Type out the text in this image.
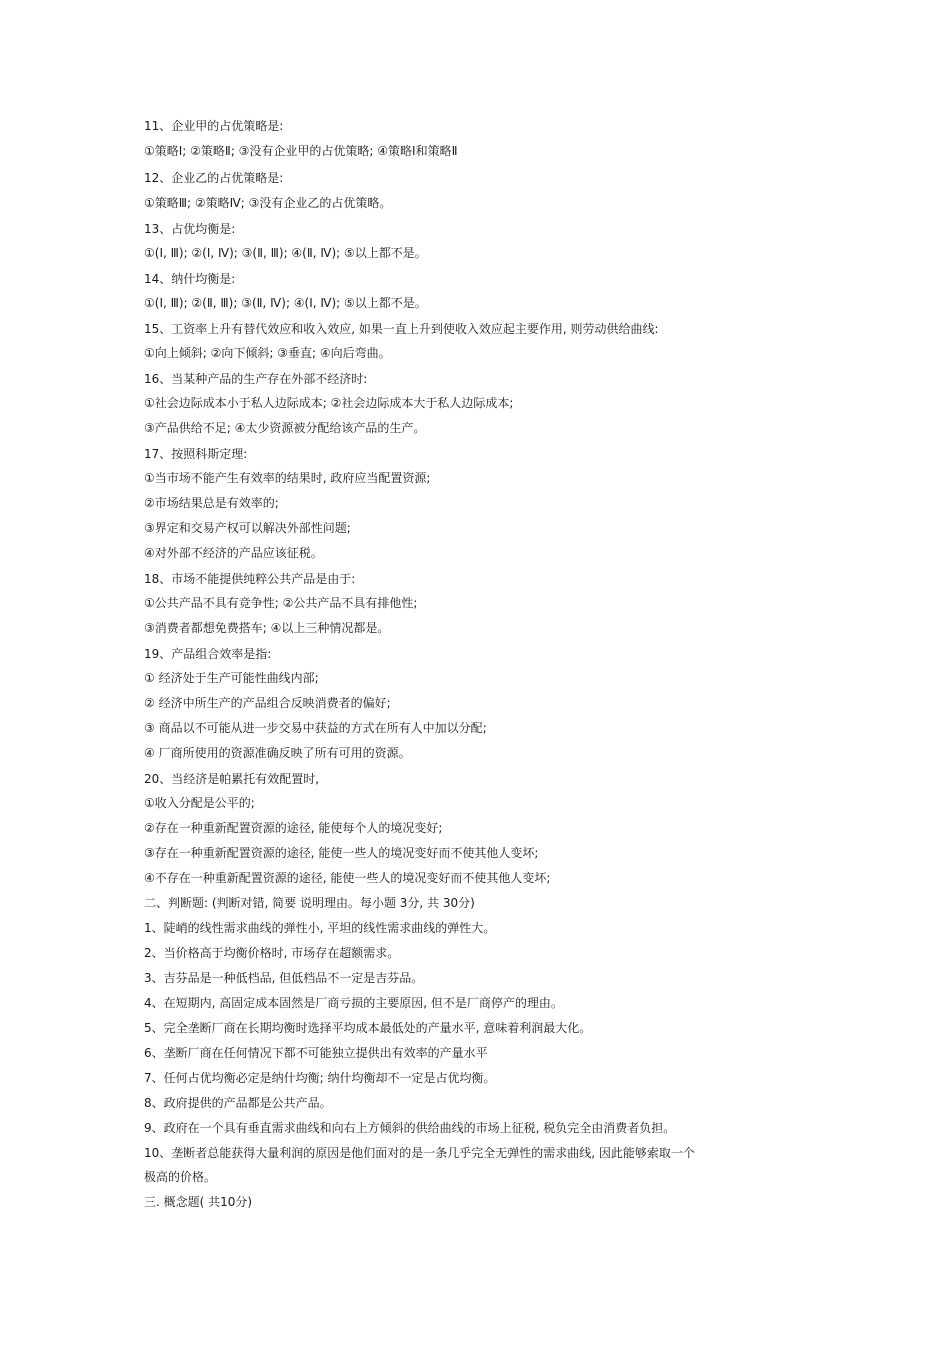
11、企业甲的占优策略是:

①策略Ⅰ; ②策略Ⅱ; ③没有企业甲的占优策略; ④策略Ⅰ和策略Ⅱ

12、企业乙的占优策略是:

①策略Ⅲ; ②策略Ⅳ; ③没有企业乙的占优策略。

13、占优均衡是:

①(Ⅰ, Ⅲ); ②(Ⅰ, Ⅳ); ③(Ⅱ, Ⅲ); ④(Ⅱ, Ⅳ); ⑤以上都不是。

14、纳什均衡是:

①(Ⅰ, Ⅲ); ②(Ⅱ, Ⅲ); ③(Ⅱ, Ⅳ); ④(Ⅰ, Ⅳ); ⑤以上都不是。

15、工资率上升有替代效应和收入效应, 如果一直上升到使收入效应起主要作用, 则劳动供给曲线:

①向上倾斜; ②向下倾斜; ③垂直; ④向后弯曲。

16、当某种产品的生产存在外部不经济时:

①社会边际成本小于私人边际成本; ②社会边际成本大于私人边际成本;

③产品供给不足; ④太少资源被分配给该产品的生产。

17、按照科斯定理:

①当市场不能产生有效率的结果时, 政府应当配置资源;

②市场结果总是有效率的;

③界定和交易产权可以解决外部性问题;

④对外部不经济的产品应该征税。

18、市场不能提供纯粹公共产品是由于:

①公共产品不具有竞争性; ②公共产品不具有排他性;

③消费者都想免费搭车; ④以上三种情况都是。

19、产品组合效率是指:

① 经济处于生产可能性曲线内部;

② 经济中所生产的产品组合反映消费者的偏好;

③ 商品以不可能从进一步交易中获益的方式在所有人中加以分配;

④ 厂商所使用的资源准确反映了所有可用的资源。

20、当经济是帕累托有效配置时,

①收入分配是公平的;

②存在一种重新配置资源的途径, 能使每个人的境况变好;

③存在一种重新配置资源的途径, 能使一些人的境况变好而不使其他人变坏;

④不存在一种重新配置资源的途径, 能使一些人的境况变好而不使其他人变坏;

二、判断题: (判断对错, 简要 说明理由。每小题 3分, 共 30分)

1、陡峭的线性需求曲线的弹性小, 平坦的线性需求曲线的弹性大。

2、当价格高于均衡价格时, 市场存在超额需求。

3、吉芬品是一种低档品, 但低档品不一定是吉芬品。

4、在短期内, 高固定成本固然是厂商亏损的主要原因, 但不是厂商停产的理由。

5、完全垄断厂商在长期均衡时选择平均成本最低处的产量水平, 意味着利润最大化。

6、垄断厂商在任何情况下都不可能独立提供出有效率的产量水平

7、任何占优均衡必定是纳什均衡; 纳什均衡却不一定是占优均衡。

8、政府提供的产品都是公共产品。

9、政府在一个具有垂直需求曲线和向右上方倾斜的供给曲线的市场上征税, 税负完全由消费者负担。

10、垄断者总能获得大量利润的原因是他们面对的是一条几乎完全无弹性的需求曲线, 因此能够索取一个

极高的价格。

三. 概念题( 共10分)
